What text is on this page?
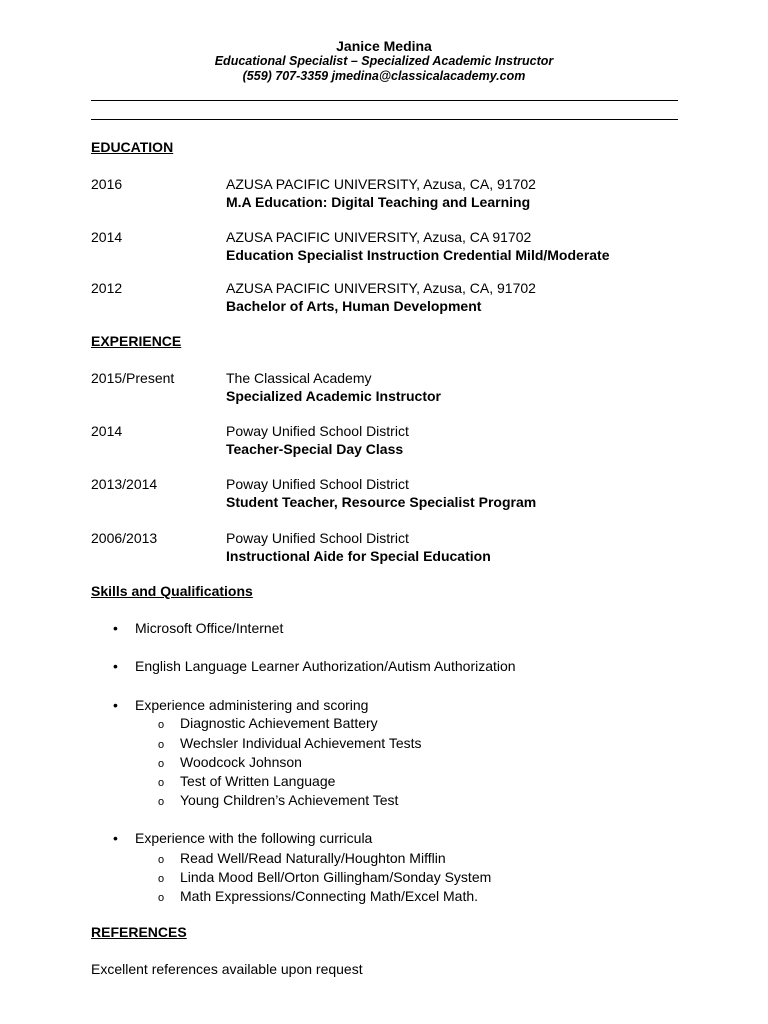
Janice Medina
Educational Specialist – Specialized Academic Instructor
(559) 707-3359 jmedina@classicalacademy.com
EDUCATION
2016	AZUSA PACIFIC UNIVERSITY, Azusa, CA, 91702
M.A Education: Digital Teaching and Learning
2014	AZUSA PACIFIC UNIVERSITY, Azusa, CA 91702
Education Specialist Instruction Credential Mild/Moderate
2012	AZUSA PACIFIC UNIVERSITY, Azusa, CA, 91702
Bachelor of Arts, Human Development
EXPERIENCE
2015/Present	The Classical Academy
Specialized Academic Instructor
2014	Poway Unified School District
Teacher-Special Day Class
2013/2014	Poway Unified School District
Student Teacher, Resource Specialist Program
2006/2013	Poway Unified School District
Instructional Aide for Special Education
Skills and Qualifications
• Microsoft Office/Internet
• English Language Learner Authorization/Autism Authorization
• Experience administering and scoring
o Diagnostic Achievement Battery
o Wechsler Individual Achievement Tests
o Woodcock Johnson
o Test of Written Language
o Young Children’s Achievement Test
• Experience with the following curricula
o Read Well/Read Naturally/Houghton Mifflin
o Linda Mood Bell/Orton Gillingham/Sonday System
o Math Expressions/Connecting Math/Excel Math.
REFERENCES
Excellent references available upon request
